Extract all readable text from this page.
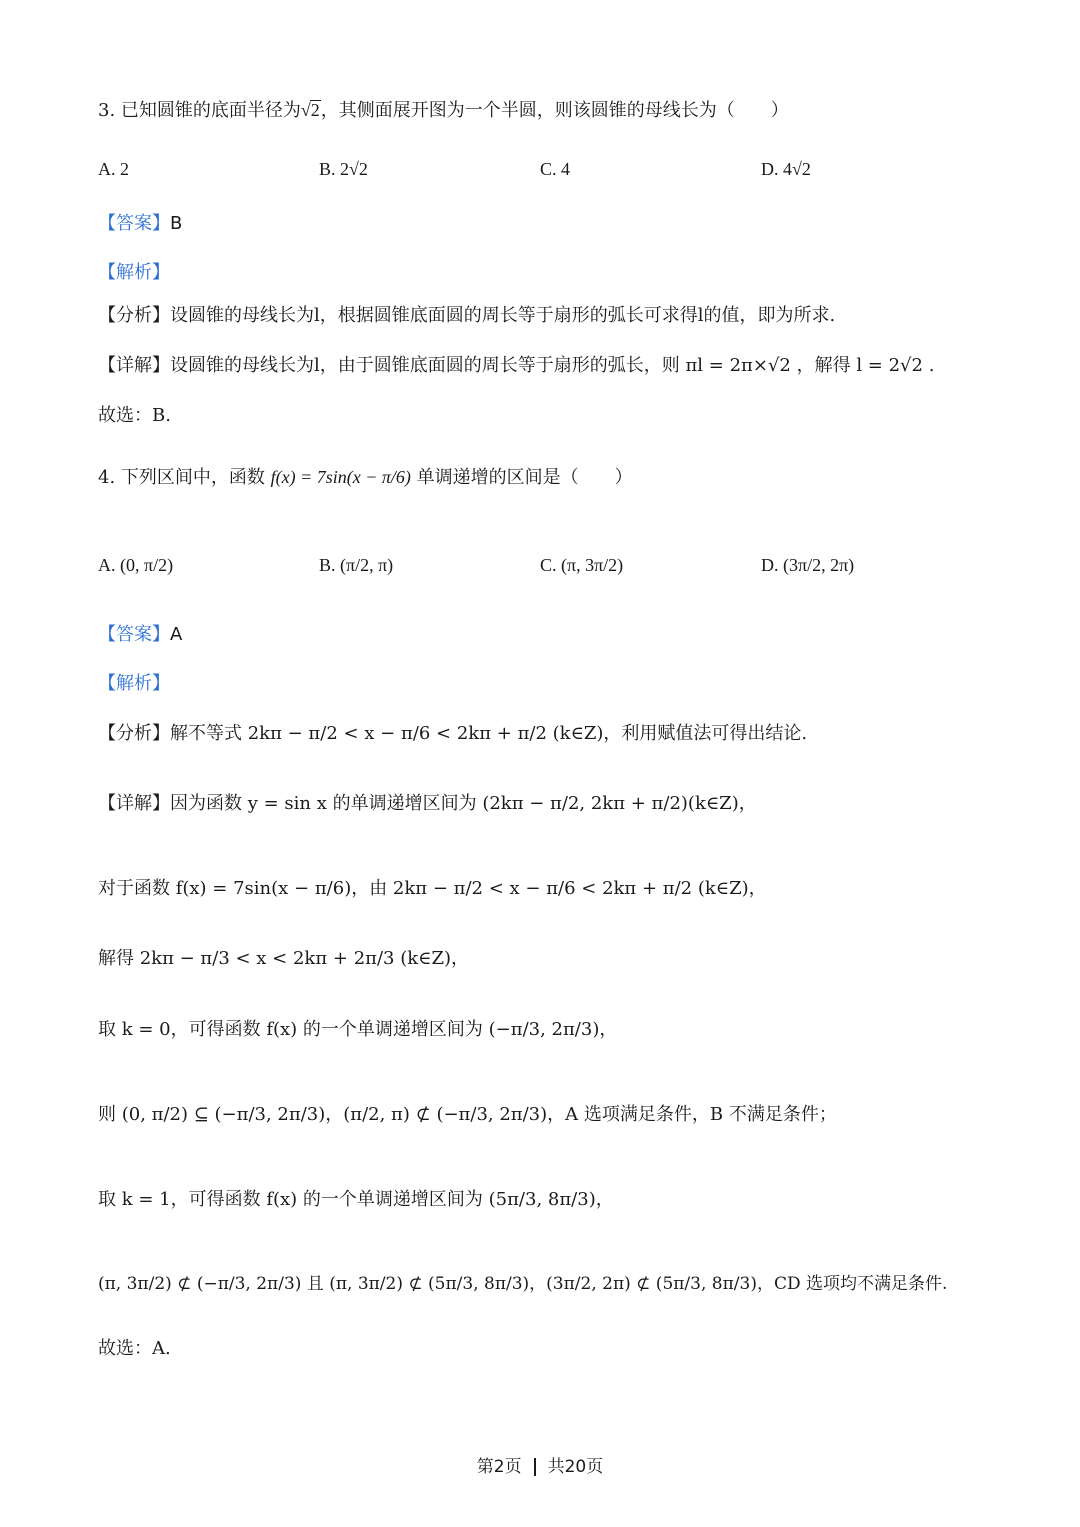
3. 已知圆锥的底面半径为√2，其侧面展开图为一个半圆，则该圆锥的母线长为（　　）
A. 2	B. 2√2	C. 4	D. 4√2
【答案】B
【解析】
【分析】设圆锥的母线长为l，根据圆锥底面圆的周长等于扇形的弧长可求得l的值，即为所求.
【详解】设圆锥的母线长为l，由于圆锥底面圆的周长等于扇形的弧长，则 πl = 2π×√2 ，解得 l = 2√2 .
故选：B.
4. 下列区间中，函数 f(x) = 7sin(x − π/6) 单调递增的区间是（　　）
A. (0, π/2)	B. (π/2, π)	C. (π, 3π/2)	D. (3π/2, 2π)
【答案】A
【解析】
【分析】解不等式 2kπ − π/2 < x − π/6 < 2kπ + π/2 (k∈Z)，利用赋值法可得出结论.
【详解】因为函数 y = sin x 的单调递增区间为 (2kπ − π/2, 2kπ + π/2)(k∈Z)，
对于函数 f(x) = 7sin(x − π/6)，由 2kπ − π/2 < x − π/6 < 2kπ + π/2 (k∈Z)，
解得 2kπ − π/3 < x < 2kπ + 2π/3 (k∈Z)，
取 k = 0，可得函数 f(x) 的一个单调递增区间为 (−π/3, 2π/3)，
则 (0, π/2) ⊆ (−π/3, 2π/3)，(π/2, π) ⊄ (−π/3, 2π/3)，A 选项满足条件，B 不满足条件；
取 k = 1，可得函数 f(x) 的一个单调递增区间为 (5π/3, 8π/3)，
(π, 3π/2) ⊄ (−π/3, 2π/3) 且 (π, 3π/2) ⊄ (5π/3, 8π/3)，(3π/2, 2π) ⊄ (5π/3, 8π/3)，CD 选项均不满足条件.
故选：A.
第2页 共20页
